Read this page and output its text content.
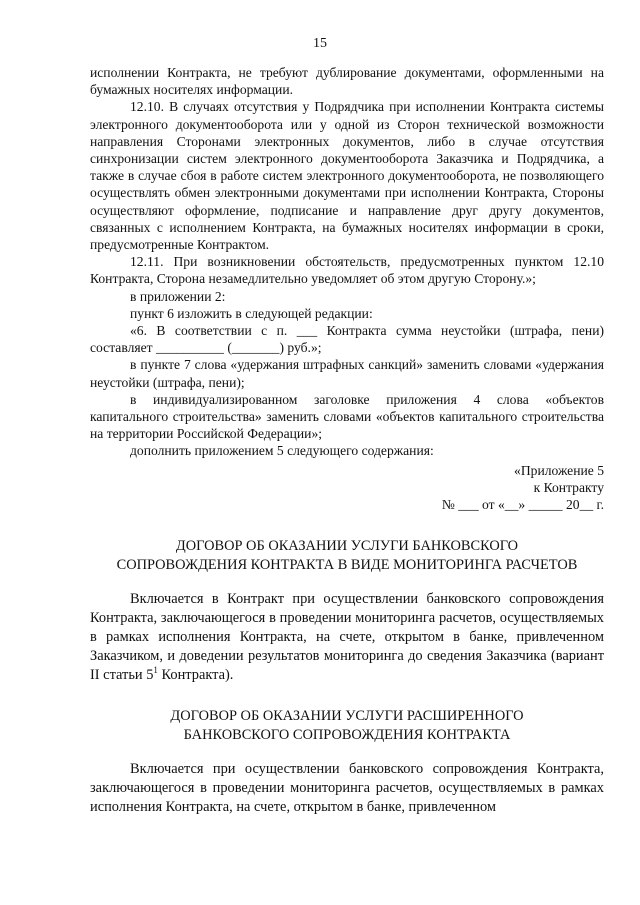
15

исполнении Контракта, не требуют дублирование документами, оформленными на бумажных носителях информации.

12.10. В случаях отсутствия у Подрядчика при исполнении Контракта системы электронного документооборота или у одной из Сторон технической возможности направления Сторонами электронных документов, либо в случае отсутствия синхронизации систем электронного документооборота Заказчика и Подрядчика, а также в случае сбоя в работе систем электронного документооборота, не позволяющего осуществлять обмен электронными документами при исполнении Контракта, Стороны осуществляют оформление, подписание и направление друг другу документов, связанных с исполнением Контракта, на бумажных носителях информации в сроки, предусмотренные Контрактом.

12.11. При возникновении обстоятельств, предусмотренных пунктом 12.10 Контракта, Сторона незамедлительно уведомляет об этом другую Сторону.»;

в приложении 2:

пункт 6 изложить в следующей редакции:

«6. В соответствии с п. ___ Контракта сумма неустойки (штрафа, пени) составляет __________ (_______) руб.»;

в пункте 7 слова «удержания штрафных санкций» заменить словами «удержания неустойки (штрафа, пени);

в индивидуализированном заголовке приложения 4 слова «объектов капитального строительства» заменить словами «объектов капитального строительства на территории Российской Федерации»;

дополнить приложением 5 следующего содержания:

«Приложение 5

к Контракту

№ ___ от «__» _____ 20__ г.

ДОГОВОР ОБ ОКАЗАНИИ УСЛУГИ БАНКОВСКОГО
СОПРОВОЖДЕНИЯ КОНТРАКТА В ВИДЕ МОНИТОРИНГА РАСЧЕТОВ

Включается в Контракт при осуществлении банковского сопровождения Контракта, заключающегося в проведении мониторинга расчетов, осуществляемых в рамках исполнения Контракта, на счете, открытом в банке, привлеченном Заказчиком, и доведении результатов мониторинга до сведения Заказчика (вариант II статьи $5^1$ Контракта).

ДОГОВОР ОБ ОКАЗАНИИ УСЛУГИ РАСШИРЕННОГО
БАНКОВСКОГО СОПРОВОЖДЕНИЯ КОНТРАКТА

Включается при осуществлении банковского сопровождения Контракта, заключающегося в проведении мониторинга расчетов, осуществляемых в рамках исполнения Контракта, на счете, открытом в банке, привлеченном
